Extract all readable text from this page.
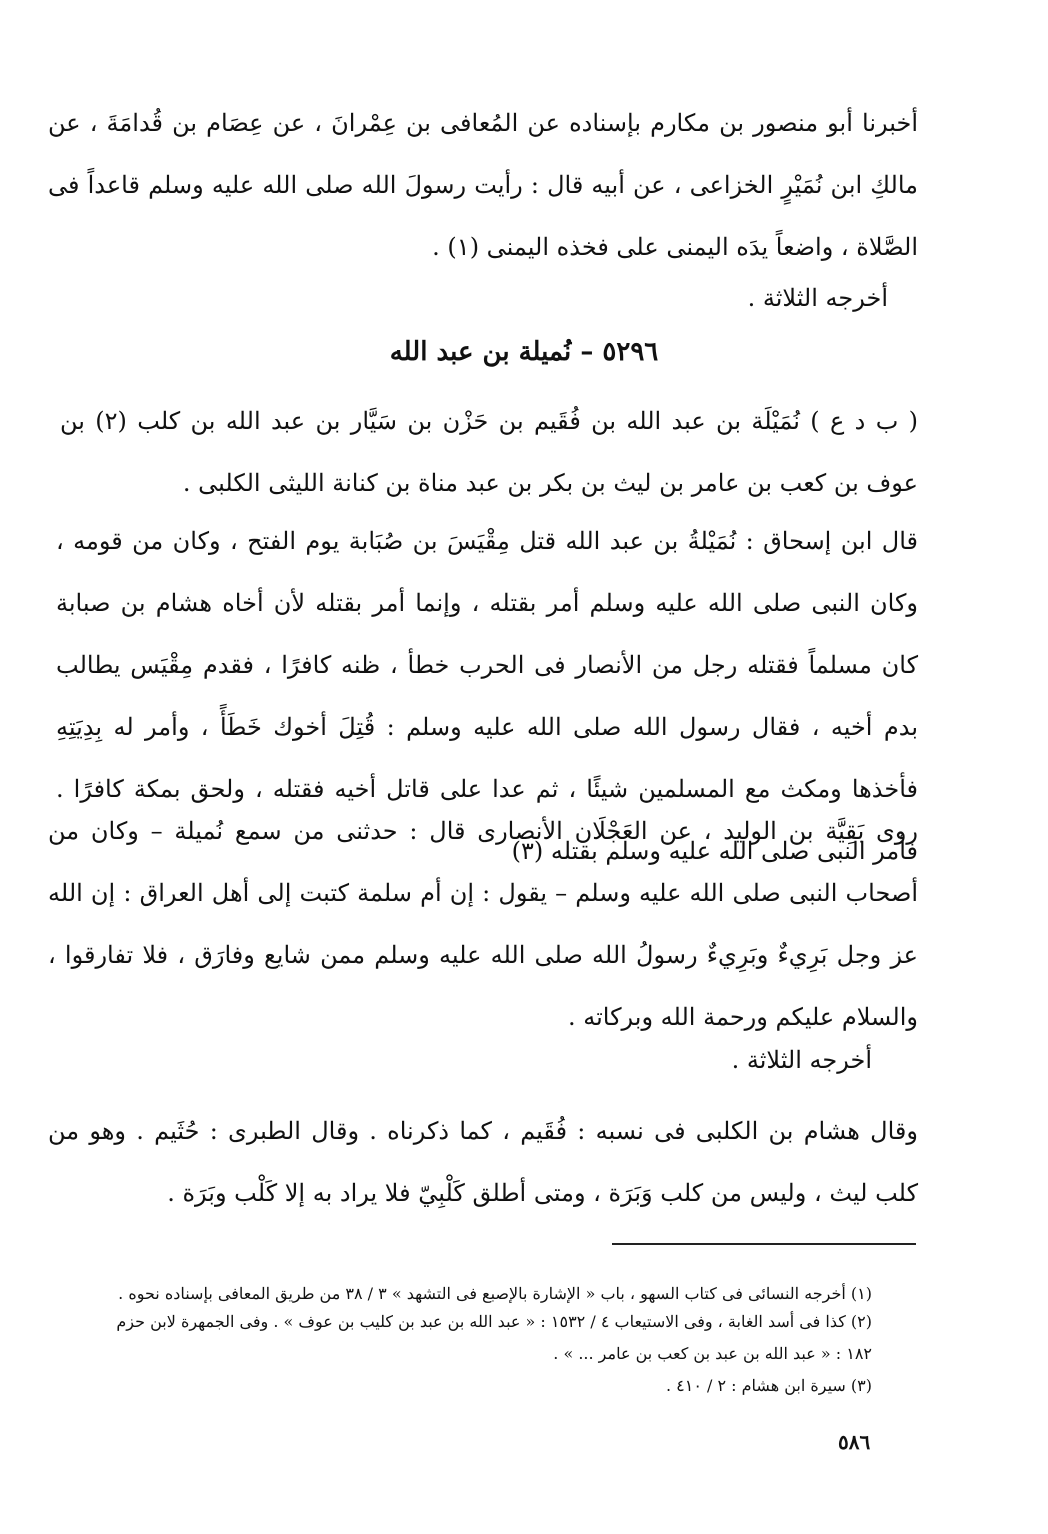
أخبرنا أبو منصور بن مكارم بإسناده عن المُعافى بن عِمْرانَ ، عن عِصَام بن قُدامَةَ ، عن مالكِ ابن نُمَيْرٍ الخزاعى ، عن أبيه قال : رأيت رسولَ الله صلى الله عليه وسلم قاعداً فى الصَّلاة ، واضعاً يدَه اليمنى على فخذه اليمنى (١) .
أخرجه الثلاثة .
٥٢٩٦ – نُميلة بن عبد الله
( ب د ع ) نُمَيْلَة بن عبد الله بن فُقَيم بن حَزْن بن سَيَّار بن عبد الله بن كلب (٢) بن عوف بن كعب بن عامر بن ليث بن بكر بن عبد مناة بن كنانة الليثى الكلبى .
قال ابن إسحاق : نُمَيْلةُ بن عبد الله قتل مِقْيَسَ بن صُبَابة يوم الفتح ، وكان من قومه ، وكان النبى صلى الله عليه وسلم أمر بقتله ، وإنما أمر بقتله لأن أخاه هشام بن صبابة كان مسلماً فقتله رجل من الأنصار فى الحرب خطأ ، ظنه كافرًا ، فقدم مِقْيَس يطالب بدم أخيه ، فقال رسول الله صلى الله عليه وسلم : قُتِلَ أخوك خَطَأً ، وأمر له بِدِيَتِهِ فأخذها ومكث مع المسلمين شيئًا ، ثم عدا على قاتل أخيه فقتله ، ولحق بمكة كافرًا . فأمر النبى صلى الله عليه وسلم بقتله (٣)
روى بَقِيَّة بن الوليد ، عن العَجْلَان الأنصارى قال : حدثنى من سمع نُميلة – وكان من أصحاب النبى صلى الله عليه وسلم – يقول : إن أم سلمة كتبت إلى أهل العراق : إن الله عز وجل بَرِيءٌ وبَرِيءٌ رسولُ الله صلى الله عليه وسلم ممن شايع وفارَق ، فلا تفارقوا ، والسلام عليكم ورحمة الله وبركاته .
أخرجه الثلاثة .
وقال هشام بن الكلبى فى نسبه : فُقَيم ، كما ذكرناه . وقال الطبرى : حُثَيم . وهو من كلب ليث ، وليس من كلب وَبَرَة ، ومتى أطلق كَلْبِيّ فلا يراد به إلا كَلْب وبَرَة .
(١) أخرجه النسائى فى كتاب السهو ، باب « الإشارة بالإصبع فى التشهد » ٣ / ٣٨ من طريق المعافى بإسناده نحوه .
(٢) كذا فى أسد الغابة ، وفى الاستيعاب ٤ / ١٥٣٢ : « عبد الله بن عبد بن كليب بن عوف » . وفى الجمهرة لابن حزم
١٨٢ : « عبد الله بن عبد بن كعب بن عامر ... » .
(٣) سيرة ابن هشام : ٢ / ٤١٠ .
٥٨٦
